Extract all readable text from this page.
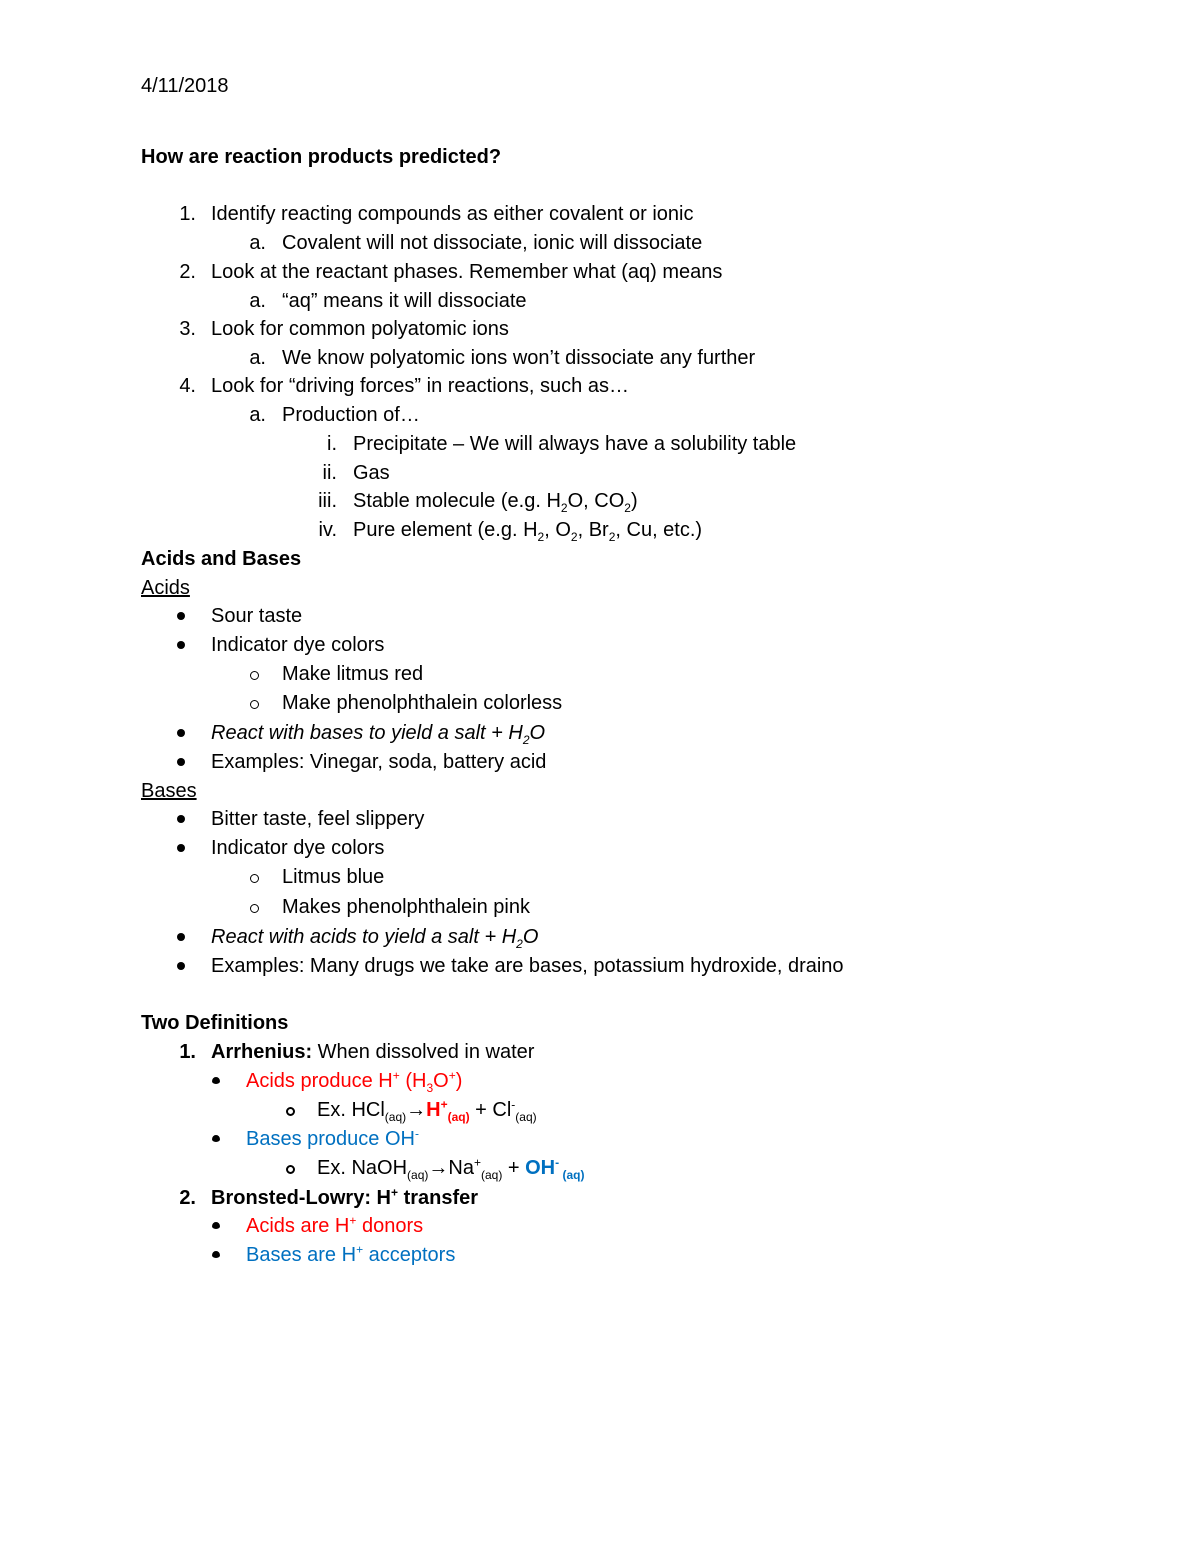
4/11/2018
How are reaction products predicted?
1. Identify reacting compounds as either covalent or ionic
a. Covalent will not dissociate, ionic will dissociate
2. Look at the reactant phases. Remember what (aq) means
a. “aq” means it will dissociate
3. Look for common polyatomic ions
a. We know polyatomic ions won’t dissociate any further
4. Look for “driving forces” in reactions, such as…
a. Production of…
i. Precipitate – We will always have a solubility table
ii. Gas
iii. Stable molecule (e.g. $H_2O$, $CO_2$)
iv. Pure element (e.g. $H_2$, $O_2$, $Br_2$, Cu, etc.)
Acids and Bases
Acids
Sour taste
Indicator dye colors
Make litmus red
Make phenolphthalein colorless
React with bases to yield a salt + $H_2O$
Examples: Vinegar, soda, battery acid
Bases
Bitter taste, feel slippery
Indicator dye colors
Litmus blue
Makes phenolphthalein pink
React with acids to yield a salt + $H_2O$
Examples: Many drugs we take are bases, potassium hydroxide, draino
Two Definitions
1. Arrhenius: When dissolved in water
Acids produce H+ $(H_3O^+)$
Ex. $HCl_{(aq)}\to H^+_{(aq)} + Cl^-_{(aq)}$
Bases produce OH-
Ex. $NaOH_{(aq)}\to Na^+_{(aq)} + OH^-$ $_{(aq)}$
2. Bronsted-Lowry: H+ transfer
Acids are H+ donors
Bases are H+ acceptors
